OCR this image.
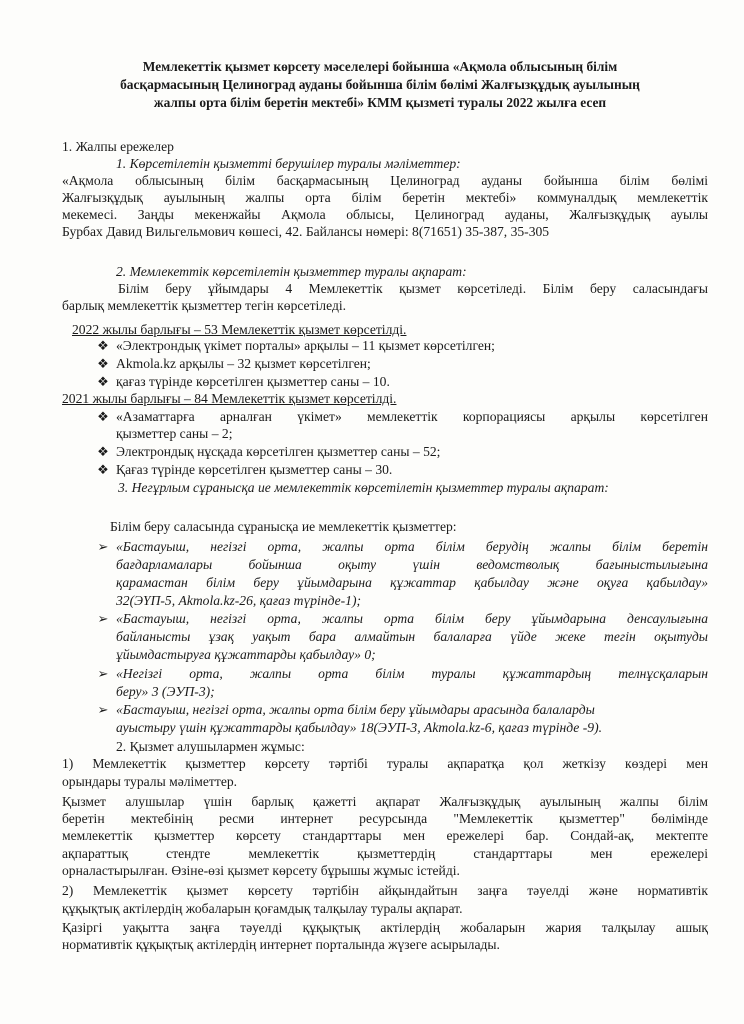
Мемлекеттік қызмет көрсету мәселелері бойынша «Ақмола облысының білім
басқармасының Целиноград ауданы бойынша білім бөлімі Жалғызқұдық ауылының
жалпы орта білім беретін мектебі» КММ қызметі туралы 2022 жылға есеп
1. Жалпы ережелер
1. Көрсетілетін қызметті берушілер туралы мәліметтер:
«Ақмола облысының білім басқармасының Целиноград ауданы бойынша білім бөлімі
Жалғызқұдық ауылының жалпы орта білім беретін мектебі» коммуналдық мемлекеттік
мекемесі. Заңды мекенжайы Ақмола облысы, Целиноград ауданы, Жалғызқұдық ауылы
Бурбах Давид Вильгельмович көшесі, 42. Байлансы нөмері: 8(71651) 35-387, 35-305
2. Мемлекеттік көрсетілетін қызметтер туралы ақпарат:
Білім беру ұйымдары 4 Мемлекеттік қызмет көрсетіледі. Білім беру саласындағы
барлық мемлекеттік қызметтер тегін көрсетіледі.
2022 жылы барлығы – 53 Мемлекеттік қызмет көрсетілді.
❖ «Электрондық үкімет порталы» арқылы – 11 қызмет көрсетілген;
❖ Akmola.kz арқылы – 32 қызмет көрсетілген;
❖ қағаз түрінде көрсетілген қызметтер саны – 10.
2021 жылы барлығы – 84 Мемлекеттік қызмет көрсетілді.
❖ «Азаматтарға арналған үкімет» мемлекеттік корпорациясы арқылы көрсетілген
қызметтер саны – 2;
❖ Электрондық нұсқада көрсетілген қызметтер саны – 52;
❖ Қағаз түрінде көрсетілген қызметтер саны – 30.
3. Негұрлым сұранысқа ие мемлекеттік көрсетілетін қызметтер туралы ақпарат:
Білім беру саласында сұранысқа ие мемлекеттік қызметтер:
➢ «Бастауыш, негізгі орта, жалпы орта білім берудің жалпы білім беретін
бағдарламалары бойынша оқыту үшін ведомстволық бағыныстылығына
қарамастан білім беру ұйымдарына құжаттар қабылдау және оқуға қабылдау»
32(ЭҮП-5, Akmola.kz-26, қағаз түрінде-1);
➢ «Бастауыш, негізгі орта, жалпы орта білім беру ұйымдарына денсаулығына
байланысты ұзақ уақыт бара алмайтын балаларға үйде жеке тегін оқытуды
ұйымдастыруға құжаттарды қабылдау» 0;
➢ «Негізгі орта, жалпы орта білім туралы құжаттардың телнұсқаларын
беру» 3 (ЭУП-3);
➢ «Бастауыш, негізгі орта, жалпы орта білім беру ұйымдары арасында балаларды
ауыстыру үшін құжаттарды қабылдау» 18(ЭУП-3, Akmola.kz-6, қағаз түрінде -9).
2. Қызмет алушылармен жұмыс:
1) Мемлекеттік қызметтер көрсету тәртібі туралы ақпаратқа қол жеткізу көздері мен
орындары туралы мәліметтер.
Қызмет алушылар үшін барлық қажетті ақпарат Жалғызқұдық ауылының жалпы білім
беретін мектебінің ресми интернет ресурсында "Мемлекеттік қызметтер" бөлімінде
мемлекеттік қызметтер көрсету стандарттары мен ережелері бар. Сондай-ақ, мектепте
ақпараттық стендте мемлекеттік қызметтердің стандарттары мен ережелері
орналастырылған. Өзіне-өзі қызмет көрсету бұрышы жұмыс істейді.
2) Мемлекеттік қызмет көрсету тәртібін айқындайтын заңға тәуелді және нормативтік
құқықтық актілердің жобаларын қоғамдық талқылау туралы ақпарат.
Қазіргі уақытта заңға тәуелді құқықтық актілердің жобаларын жария талқылау ашық
нормативтік құқықтық актілердің интернет порталында жүзеге асырылады.
